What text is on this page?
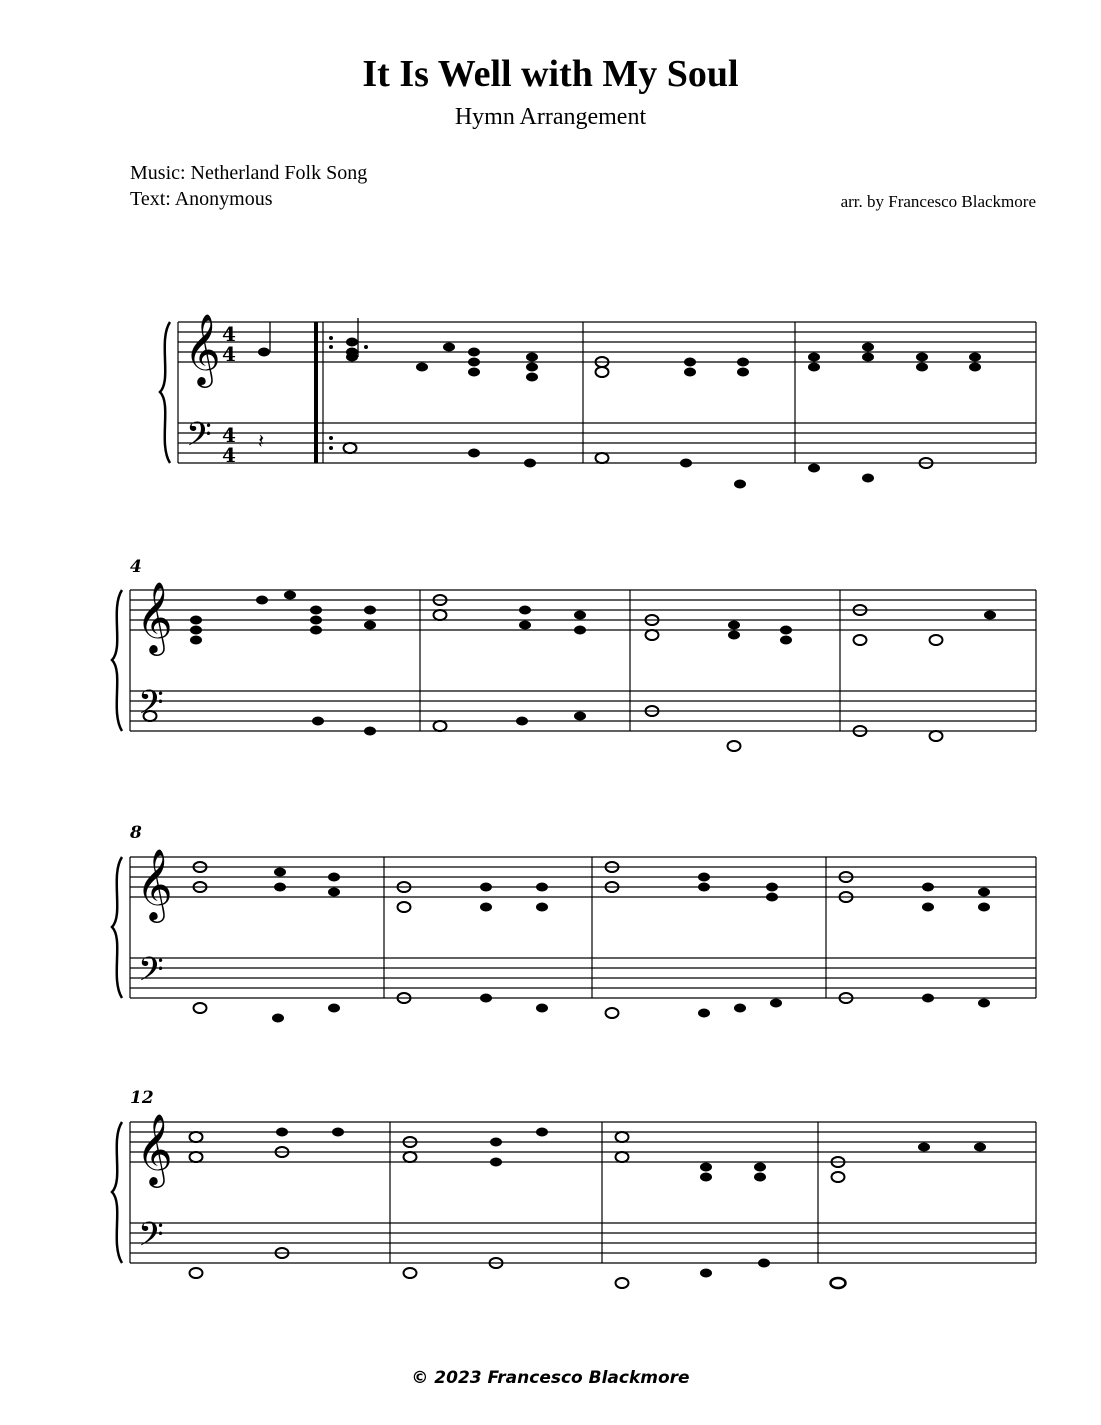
It Is Well with My Soul
Hymn Arrangement
Music: Netherland Folk Song
Text: Anonymous	arr. by Francesco Blackmore
𝄞
𝄢
4
4
4
4
𝄽
4
𝄞
𝄢
8
𝄞
𝄢
12
𝄞
𝄢
© 2023 Francesco Blackmore
